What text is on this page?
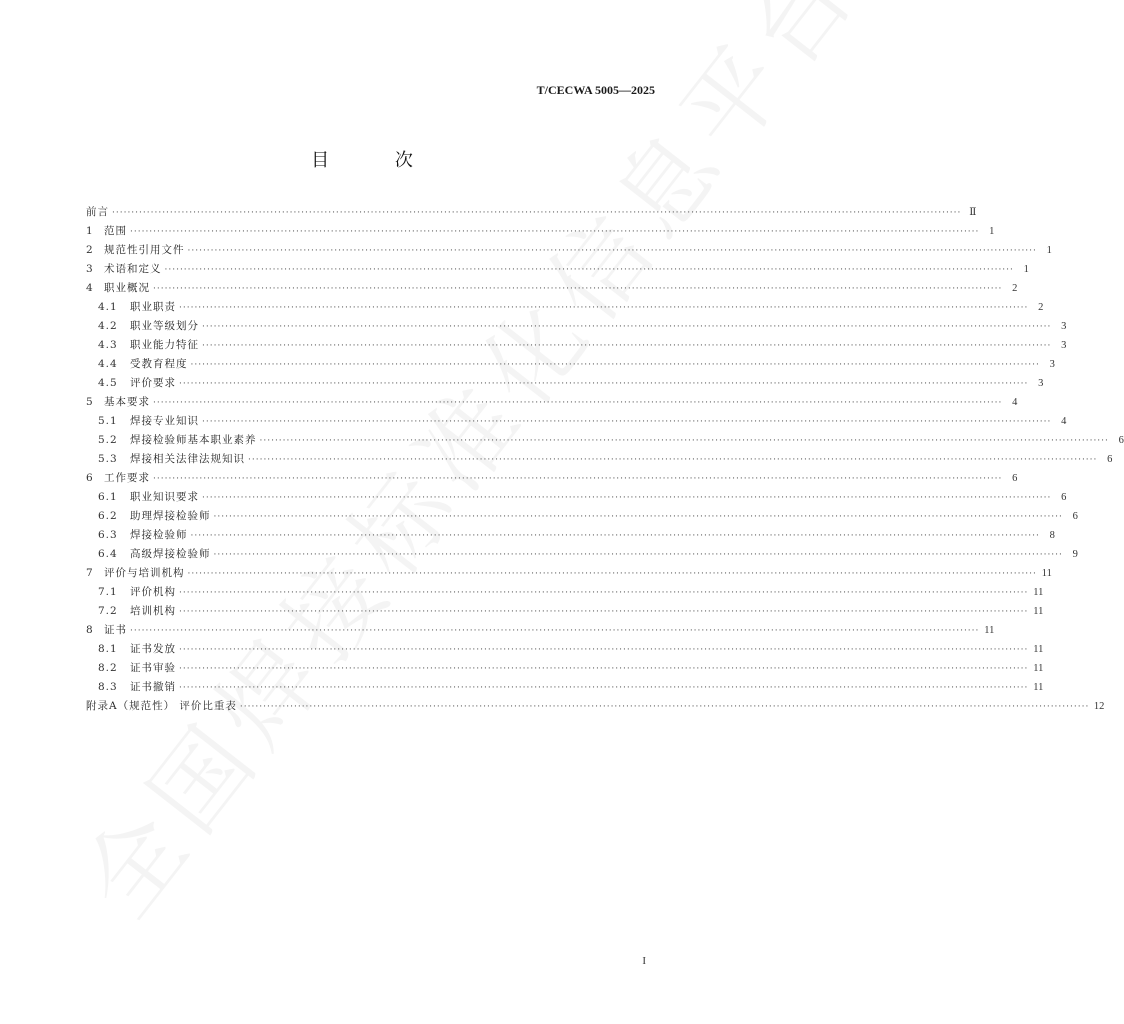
T/CECWA 5005—2025
目 次
前言 ···························································································································································································································· Ⅱ
1 范围 ···························································································································································································································· 1
2 规范性引用文件 ···························································································································································································································· 1
3 术语和定义 ···························································································································································································································· 1
4 职业概况 ···························································································································································································································· 2
4.1	职业职责 ···························································································································································································································· 2
4.2	职业等级划分 ···························································································································································································································· 3
4.3	职业能力特征 ···························································································································································································································· 3
4.4	受教育程度 ···························································································································································································································· 3
4.5	评价要求 ···························································································································································································································· 3
5 基本要求 ···························································································································································································································· 4
5.1	焊接专业知识 ···························································································································································································································· 4
5.2	焊接检验师基本职业素养 ···························································································································································································································· 6
5.3	焊接相关法律法规知识 ···························································································································································································································· 6
6 工作要求 ···························································································································································································································· 6
6.1	职业知识要求 ···························································································································································································································· 6
6.2	助理焊接检验师 ···························································································································································································································· 6
6.3	焊接检验师 ···························································································································································································································· 8
6.4	高级焊接检验师 ···························································································································································································································· 9
7 评价与培训机构 ···························································································································································································································· 11
7.1	评价机构 ···························································································································································································································· 11
7.2	培训机构 ···························································································································································································································· 11
8 证书 ···························································································································································································································· 11
8.1	证书发放 ···························································································································································································································· 11
8.2	证书审验 ···························································································································································································································· 11
8.3	证书撤销 ···························································································································································································································· 11
附录A（规范性） 评价比重表 ···························································································································································································································· 12
I
